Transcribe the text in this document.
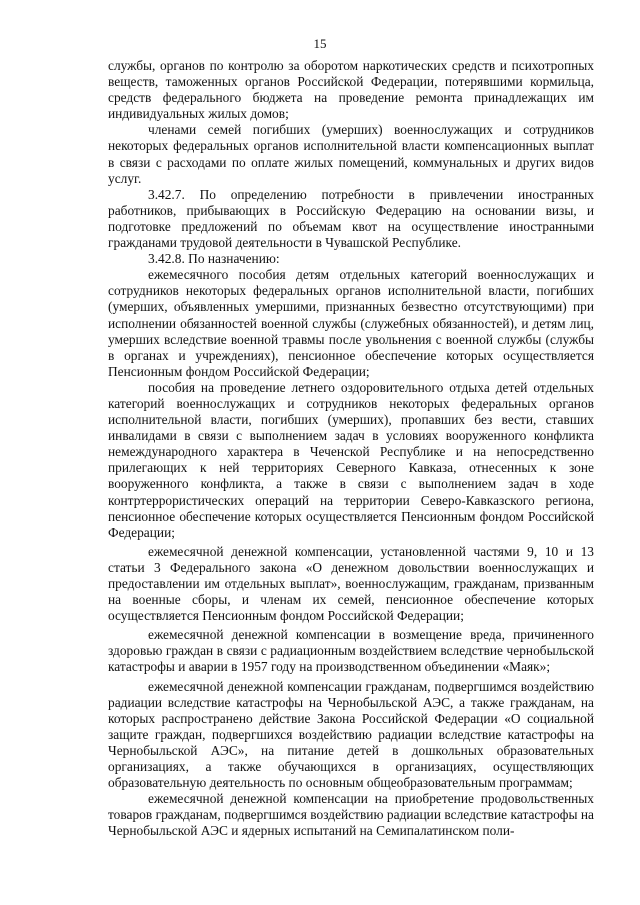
15

службы, органов по контролю за оборотом наркотических средств и психотропных веществ, таможенных органов Российской Федерации, потерявшими кормильца, средств федерального бюджета на проведение ремонта принадлежащих им индивидуальных жилых домов;

членами семей погибших (умерших) военнослужащих и сотрудников некоторых федеральных органов исполнительной власти компенсационных выплат в связи с расходами по оплате жилых помещений, коммунальных и других видов услуг.

3.42.7. По определению потребности в привлечении иностранных работников, прибывающих в Российскую Федерацию на основании визы, и подготовке предложений по объемам квот на осуществление иностранными гражданами трудовой деятельности в Чувашской Республике.

3.42.8. По назначению:

ежемесячного пособия детям отдельных категорий военнослужащих и сотрудников некоторых федеральных органов исполнительной власти, погибших (умерших, объявленных умершими, признанных безвестно отсутствующими) при исполнении обязанностей военной службы (служебных обязанностей), и детям лиц, умерших вследствие военной травмы после увольнения с военной службы (службы в органах и учреждениях), пенсионное обеспечение которых осуществляется Пенсионным фондом Российской Федерации;

пособия на проведение летнего оздоровительного отдыха детей отдельных категорий военнослужащих и сотрудников некоторых федеральных органов исполнительной власти, погибших (умерших), пропавших без вести, ставших инвалидами в связи с выполнением задач в условиях вооруженного конфликта немеждународного характера в Чеченской Республике и на непосредственно прилегающих к ней территориях Северного Кавказа, отнесенных к зоне вооруженного конфликта, а также в связи с выполнением задач в ходе контртеррористических операций на территории Северо-Кавказского региона, пенсионное обеспечение которых осуществляется Пенсионным фондом Российской Федерации;

ежемесячной денежной компенсации, установленной частями 9, 10 и 13 статьи 3 Федерального закона «О денежном довольствии военнослужащих и предоставлении им отдельных выплат», военнослужащим, гражданам, призванным на военные сборы, и членам их семей, пенсионное обеспечение которых осуществляется Пенсионным фондом Российской Федерации;

ежемесячной денежной компенсации в возмещение вреда, причиненного здоровью граждан в связи с радиационным воздействием вследствие чернобыльской катастрофы и аварии в 1957 году на производственном объединении «Маяк»;

ежемесячной денежной компенсации гражданам, подвергшимся воздействию радиации вследствие катастрофы на Чернобыльской АЭС, а также гражданам, на которых распространено действие Закона Российской Федерации «О социальной защите граждан, подвергшихся воздействию радиации вследствие катастрофы на Чернобыльской АЭС», на питание детей в дошкольных образовательных организациях, а также обучающихся в организациях, осуществляющих образовательную деятельность по основным общеобразовательным программам;

ежемесячной денежной компенсации на приобретение продовольственных товаров гражданам, подвергшимся воздействию радиации вследствие катастрофы на Чернобыльской АЭС и ядерных испытаний на Семипалатинском поли-
